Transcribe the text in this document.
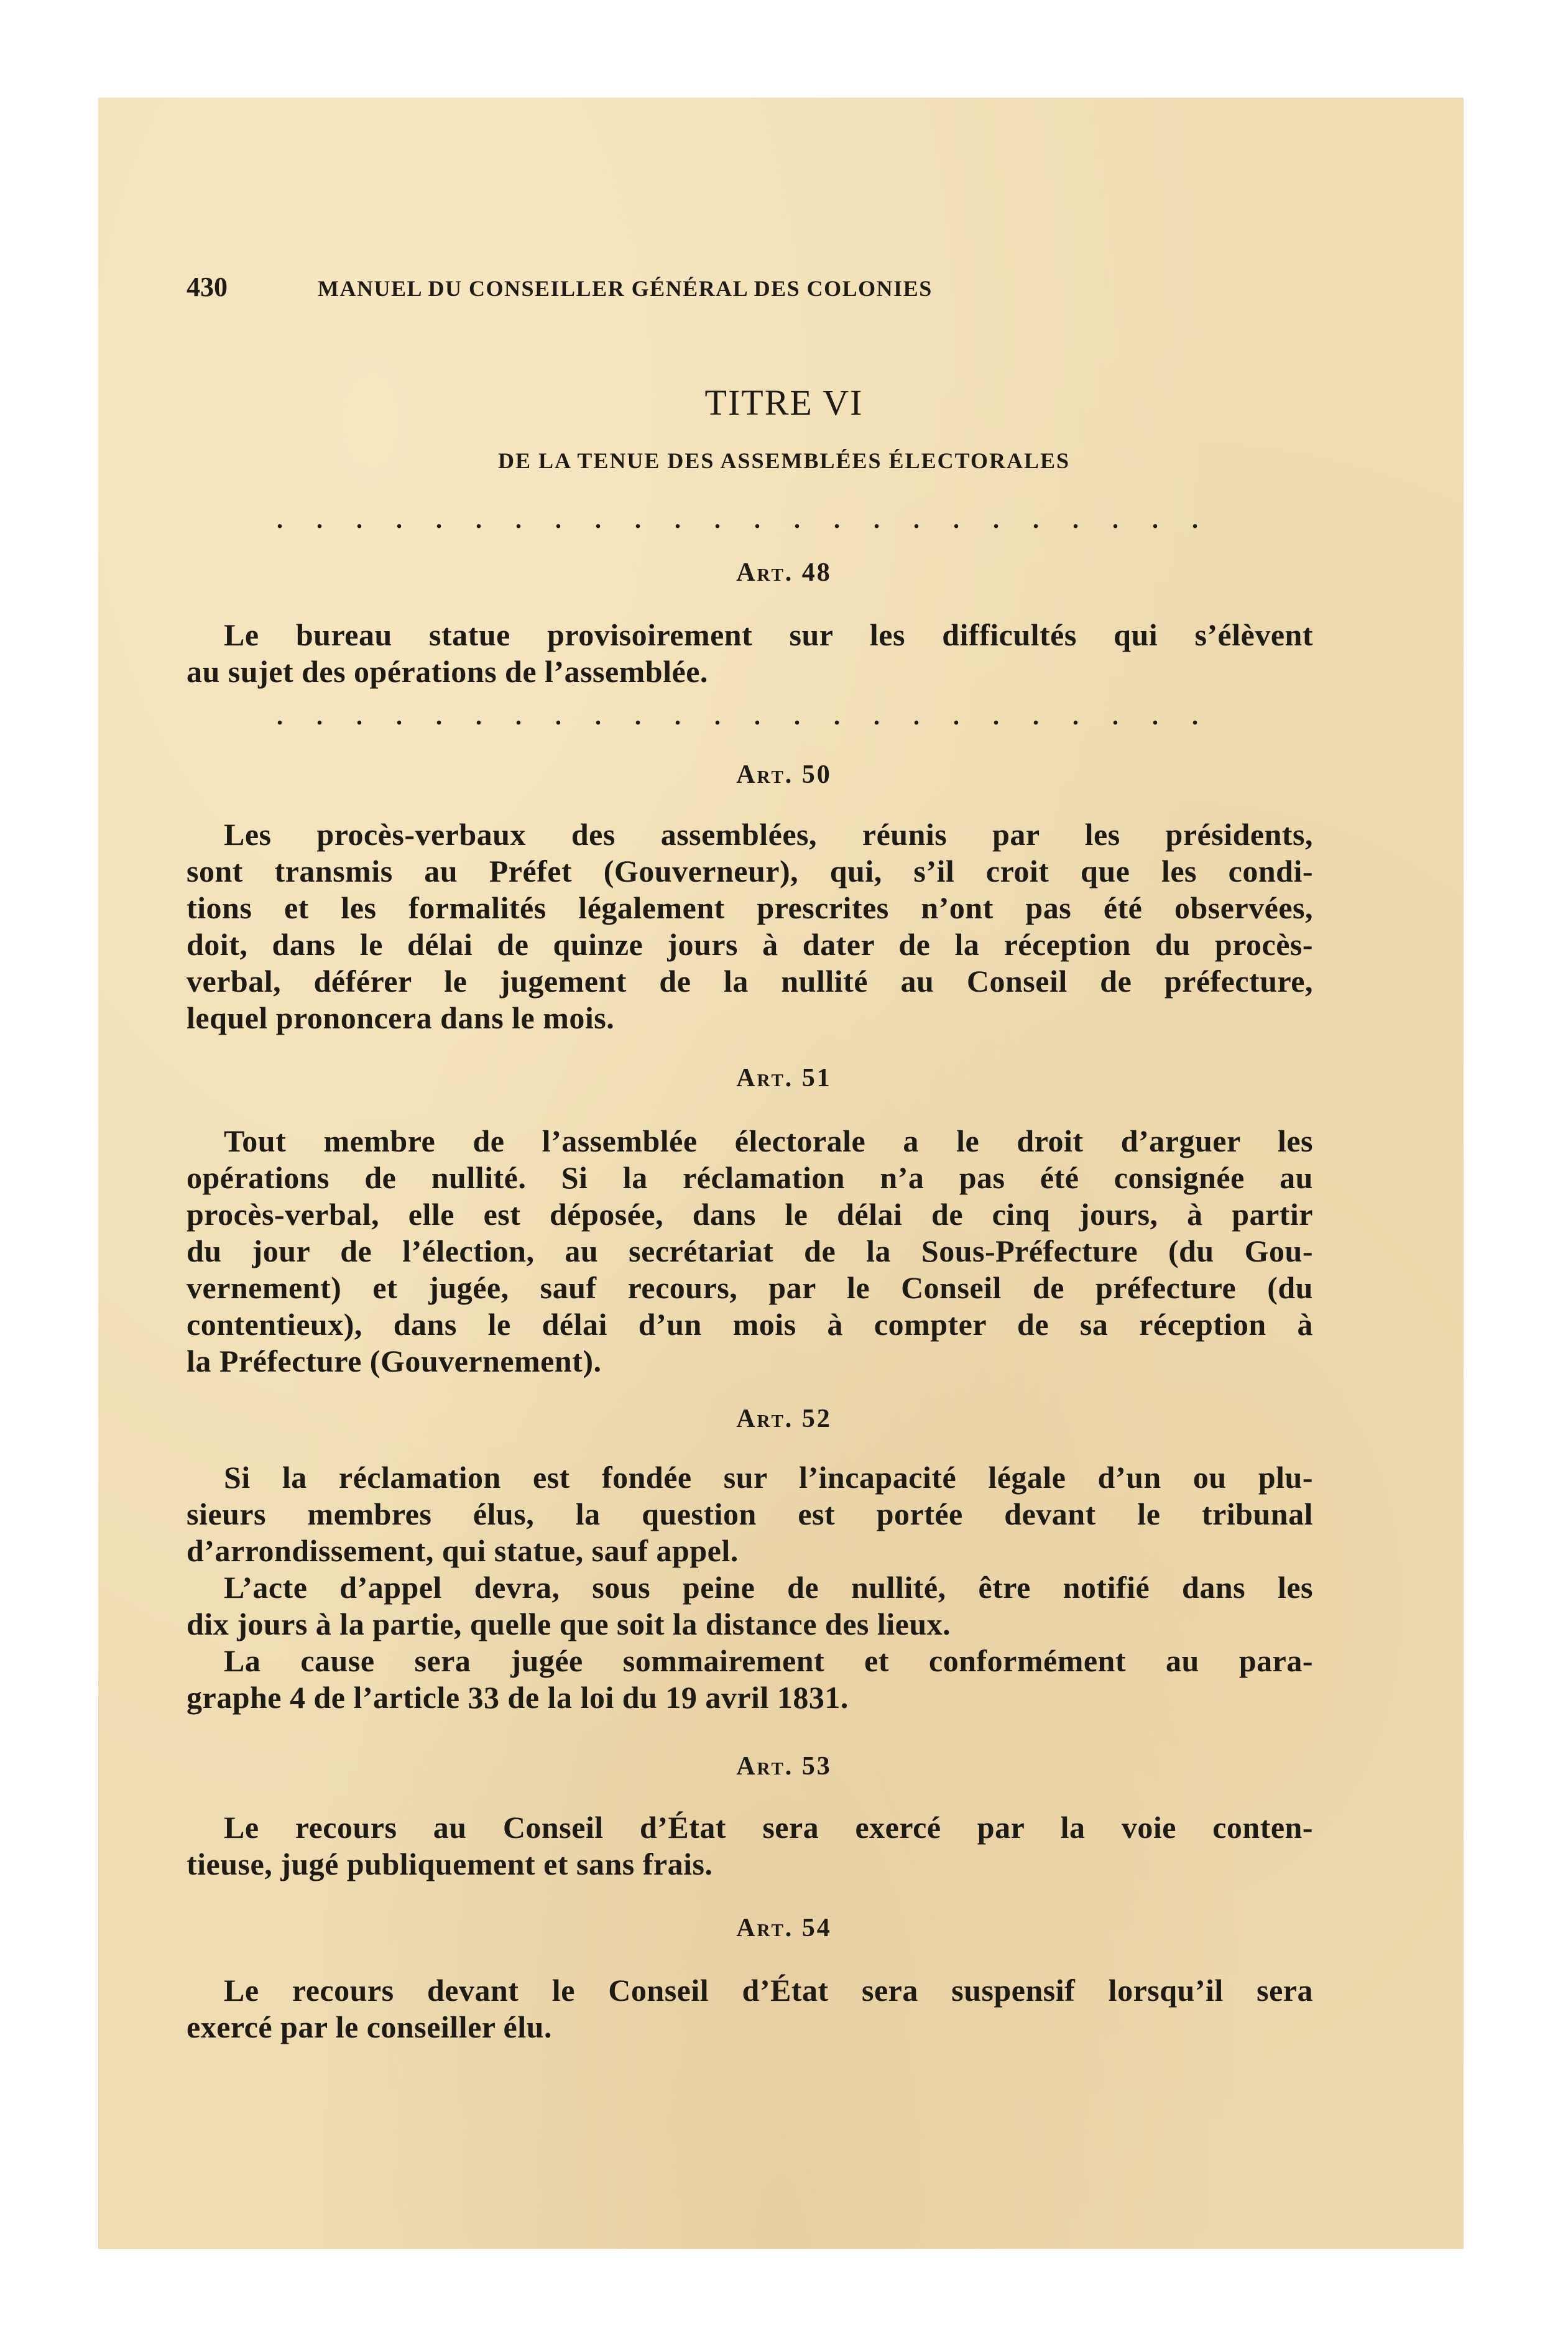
430	MANUEL DU CONSEILLER GÉNÉRAL DES COLONIES
TITRE VI
DE LA TENUE DES ASSEMBLÉES ÉLECTORALES
........................
Art. 48
Le bureau statue provisoirement sur les difficultés qui s’élèvent
au sujet des opérations de l’assemblée.
........................
Art. 50
Les procès-verbaux des assemblées, réunis par les présidents,
sont transmis au Préfet (Gouverneur), qui, s’il croit que les condi-
tions et les formalités légalement prescrites n’ont pas été observées,
doit, dans le délai de quinze jours à dater de la réception du procès-
verbal, déférer le jugement de la nullité au Conseil de préfecture,
lequel prononcera dans le mois.
Art. 51
Tout membre de l’assemblée électorale a le droit d’arguer les
opérations de nullité. Si la réclamation n’a pas été consignée au
procès-verbal, elle est déposée, dans le délai de cinq jours, à partir
du jour de l’élection, au secrétariat de la Sous-Préfecture (du Gou-
vernement) et jugée, sauf recours, par le Conseil de préfecture (du
contentieux), dans le délai d’un mois à compter de sa réception à
la Préfecture (Gouvernement).
Art. 52
Si la réclamation est fondée sur l’incapacité légale d’un ou plu-
sieurs membres élus, la question est portée devant le tribunal
d’arrondissement, qui statue, sauf appel.
L’acte d’appel devra, sous peine de nullité, être notifié dans les
dix jours à la partie, quelle que soit la distance des lieux.
La cause sera jugée sommairement et conformément au para-
graphe 4 de l’article 33 de la loi du 19 avril 1831.
Art. 53
Le recours au Conseil d’État sera exercé par la voie conten-
tieuse, jugé publiquement et sans frais.
Art. 54
Le recours devant le Conseil d’État sera suspensif lorsqu’il sera
exercé par le conseiller élu.
